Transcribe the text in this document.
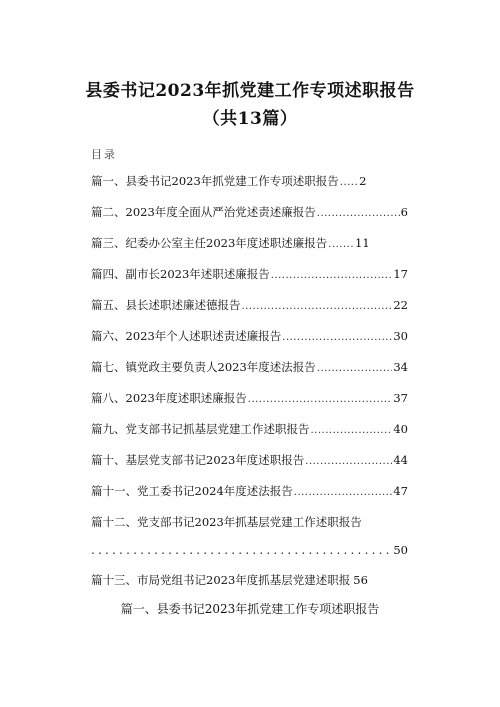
县委书记2023年抓党建工作专项述职报告
（共13篇）
目录
篇一、县委书记2023年抓党建工作专项述职报告 ..... 2
篇二、2023年度全面从严治党述责述廉报告 .....	6
篇三、纪委办公室主任2023年度述职述廉报告 ....... 11
篇四、副市长2023年述职述廉报告 .....	17
篇五、县长述职述廉述德报告 .....	22
篇六、2023年个人述职述责述廉报告 .....	30
篇七、镇党政主要负责人2023年度述法报告 .....	34
篇八、2023年度述职述廉报告 .....	37
篇九、党支部书记抓基层党建工作述职报告 .....	40
篇十、基层党支部书记2023年度述职报告 .....	44
篇十一、党工委书记2024年度述法报告 .....	47
篇十二、党支部书记2023年抓基层党建工作述职报告
.....
50
篇十三、市局党组书记2023年度抓基层党建述职报 56
篇一、县委书记2023年抓党建工作专项述职报告
